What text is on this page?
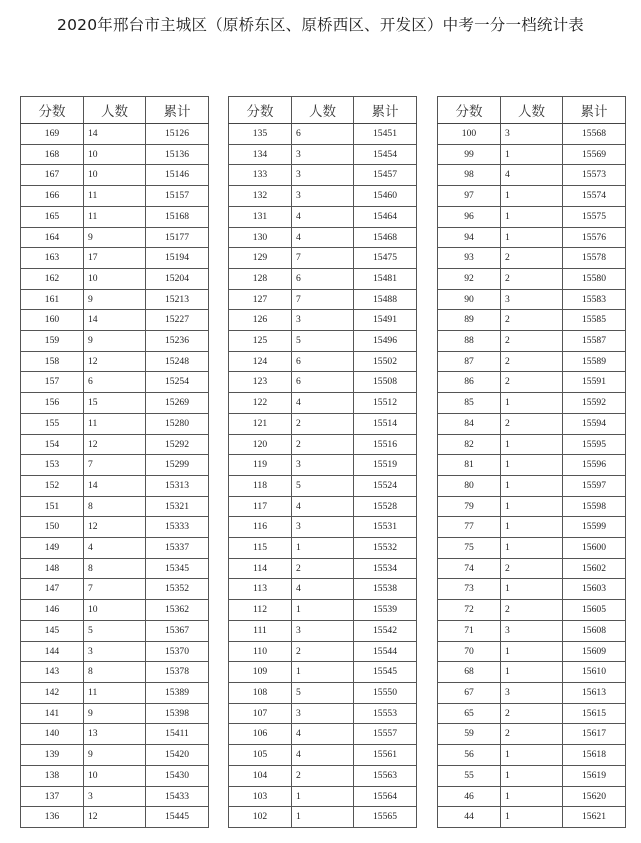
2020年邢台市主城区（原桥东区、原桥西区、开发区）中考一分一档统计表
分数	人数	累计
169	14	15126
168	10	15136
167	10	15146
166	11	15157
165	11	15168
164	9	15177
163	17	15194
162	10	15204
161	9	15213
160	14	15227
159	9	15236
158	12	15248
157	6	15254
156	15	15269
155	11	15280
154	12	15292
153	7	15299
152	14	15313
151	8	15321
150	12	15333
149	4	15337
148	8	15345
147	7	15352
146	10	15362
145	5	15367
144	3	15370
143	8	15378
142	11	15389
141	9	15398
140	13	15411
139	9	15420
138	10	15430
137	3	15433
136	12	15445
分数	人数	累计
135	6	15451
134	3	15454
133	3	15457
132	3	15460
131	4	15464
130	4	15468
129	7	15475
128	6	15481
127	7	15488
126	3	15491
125	5	15496
124	6	15502
123	6	15508
122	4	15512
121	2	15514
120	2	15516
119	3	15519
118	5	15524
117	4	15528
116	3	15531
115	1	15532
114	2	15534
113	4	15538
112	1	15539
111	3	15542
110	2	15544
109	1	15545
108	5	15550
107	3	15553
106	4	15557
105	4	15561
104	2	15563
103	1	15564
102	1	15565
分数	人数	累计
100	3	15568
99	1	15569
98	4	15573
97	1	15574
96	1	15575
94	1	15576
93	2	15578
92	2	15580
90	3	15583
89	2	15585
88	2	15587
87	2	15589
86	2	15591
85	1	15592
84	2	15594
82	1	15595
81	1	15596
80	1	15597
79	1	15598
77	1	15599
75	1	15600
74	2	15602
73	1	15603
72	2	15605
71	3	15608
70	1	15609
68	1	15610
67	3	15613
65	2	15615
59	2	15617
56	1	15618
55	1	15619
46	1	15620
44	1	15621
